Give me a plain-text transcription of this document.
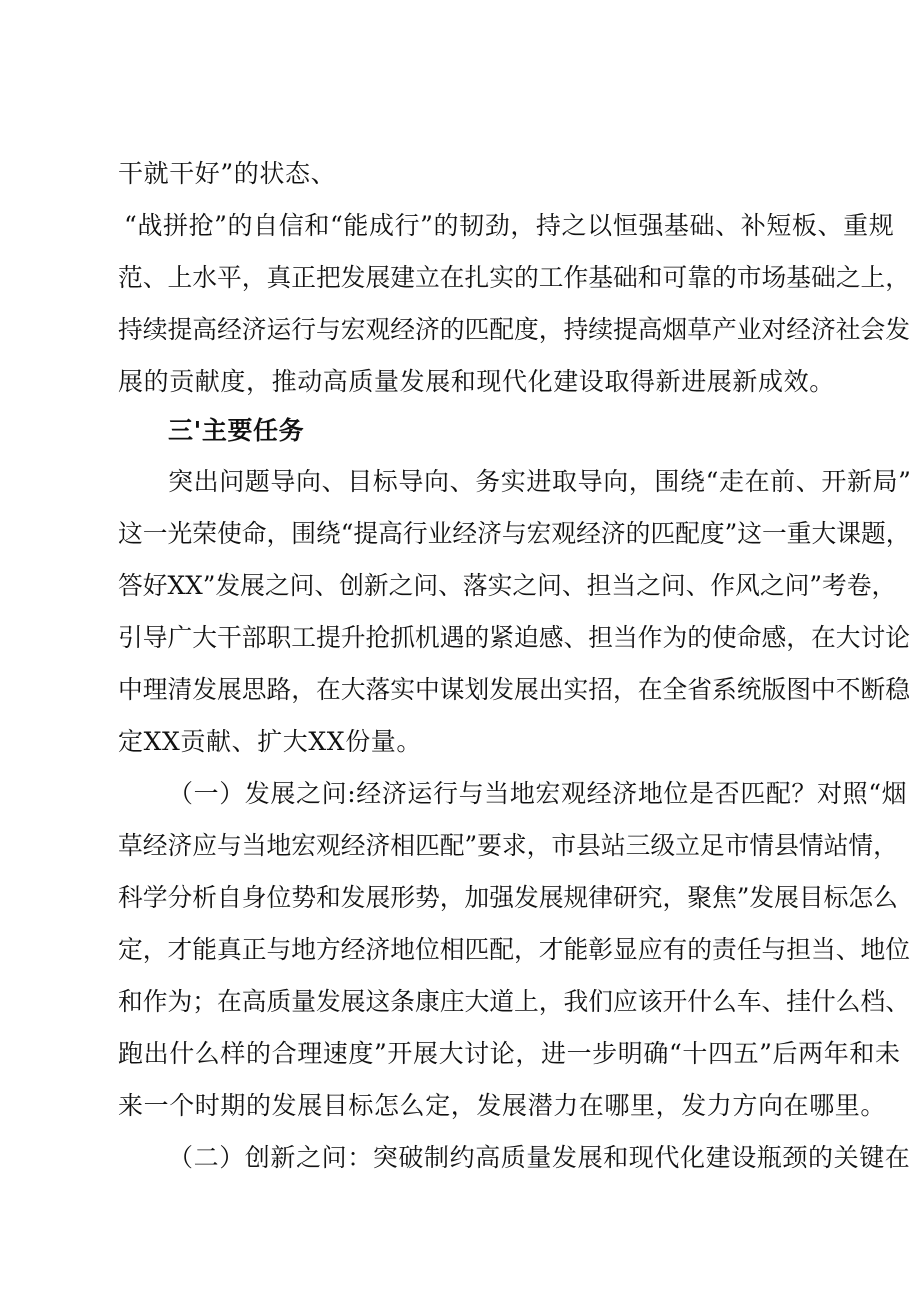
干就干好”的状态、
“战拼抢”的自信和“能成行”的韧劲，持之以恒强基础、补短板、重规
范、上水平，真正把发展建立在扎实的工作基础和可靠的市场基础之上，
持续提高经济运行与宏观经济的匹配度，持续提高烟草产业对经济社会发
展的贡献度，推动高质量发展和现代化建设取得新进展新成效。
三'主要任务
突出问题导向、目标导向、务实进取导向，围绕“走在前、开新局”
这一光荣使命，围绕“提高行业经济与宏观经济的匹配度”这一重大课题，
答好XX”发展之问、创新之问、落实之问、担当之问、作风之问”考卷，
引导广大干部职工提升抢抓机遇的紧迫感、担当作为的使命感，在大讨论
中理清发展思路，在大落实中谋划发展出实招，在全省系统版图中不断稳
定XX贡献、扩大XX份量。
（一）发展之问:经济运行与当地宏观经济地位是否匹配？对照“烟
草经济应与当地宏观经济相匹配”要求，市县站三级立足市情县情站情，
科学分析自身位势和发展形势，加强发展规律研究，聚焦”发展目标怎么
定，才能真正与地方经济地位相匹配，才能彰显应有的责任与担当、地位
和作为；在高质量发展这条康庄大道上，我们应该开什么车、挂什么档、
跑出什么样的合理速度”开展大讨论，进一步明确“十四五”后两年和未
来一个时期的发展目标怎么定，发展潜力在哪里，发力方向在哪里。
（二）创新之问：突破制约高质量发展和现代化建设瓶颈的关键在
